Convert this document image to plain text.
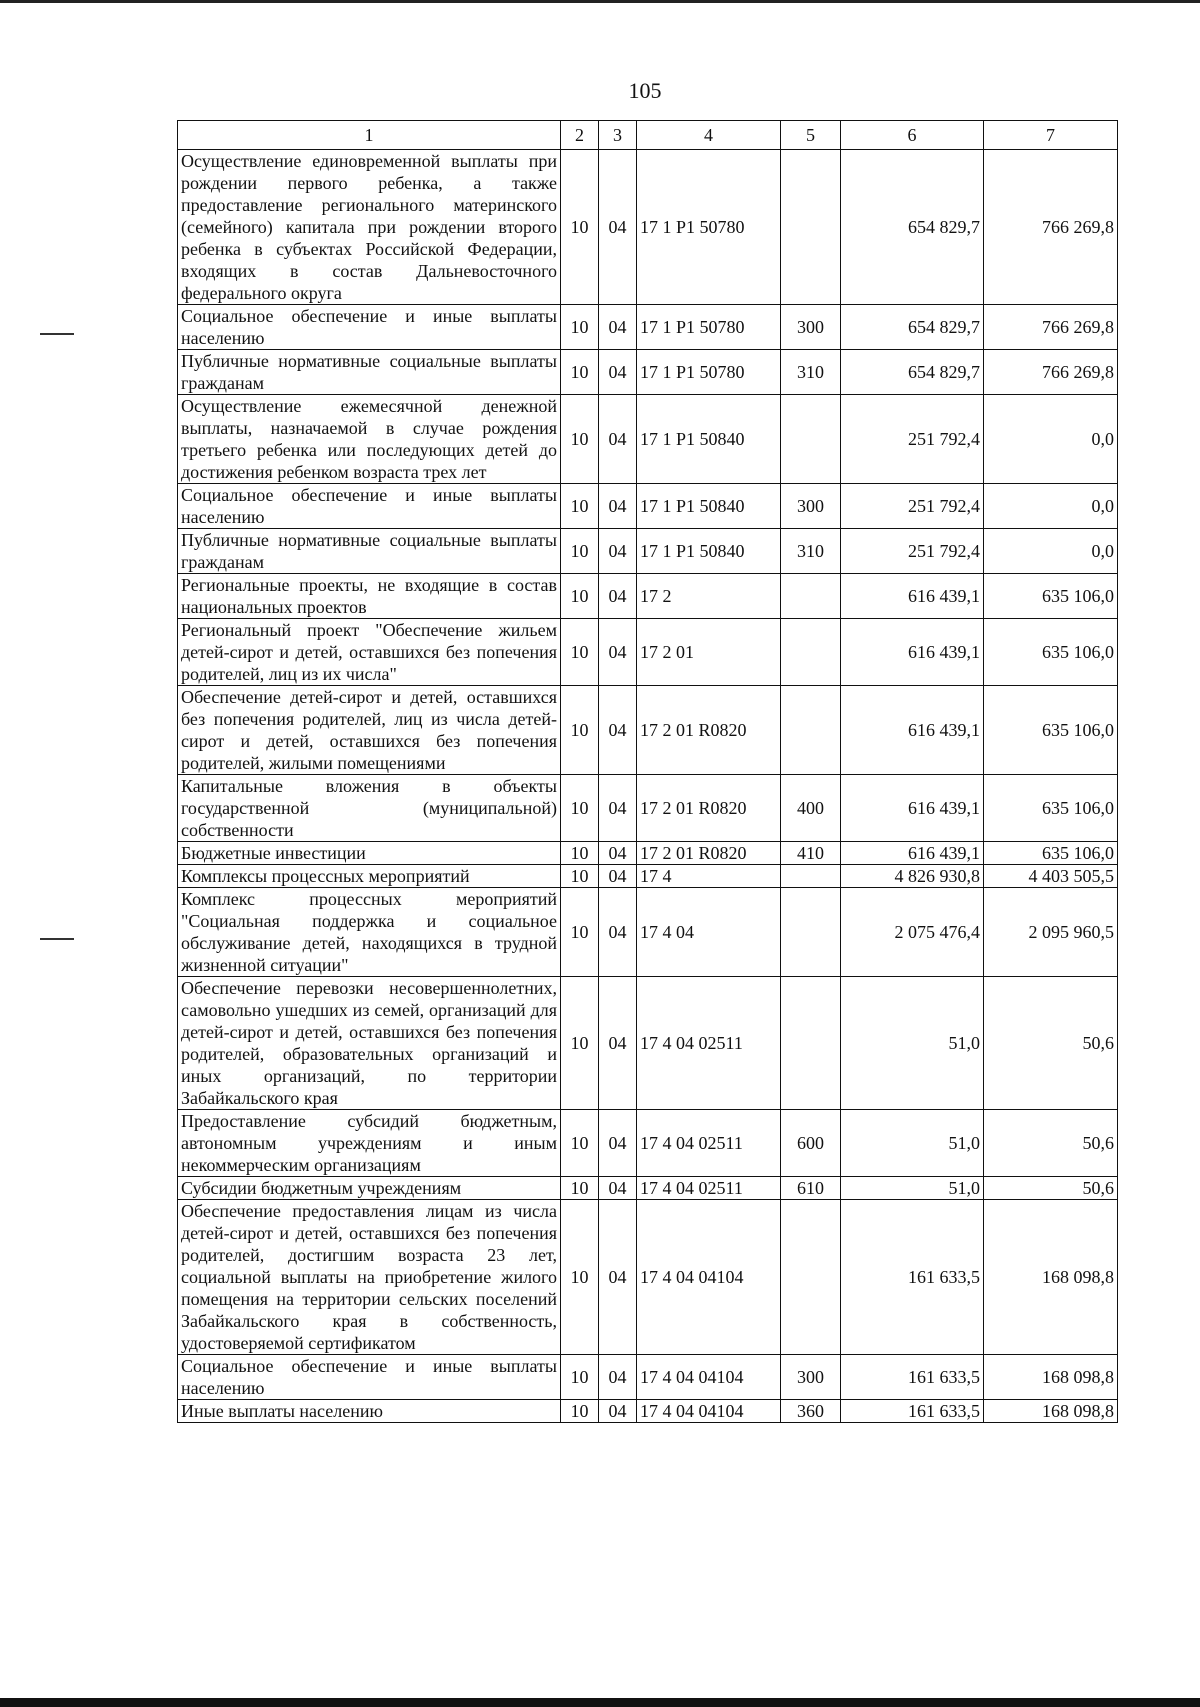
105
1	2	3	4	5	6	7
Осуществление единовременной выплаты при рождении первого ребенка, а также предоставление регионального материнского (семейного) капитала при рождении второго ребенка в субъектах Российской Федерации, входящих в состав Дальневосточного федерального округа	10	04	17 1 Р1 50780		654 829,7	766 269,8
Социальное обеспечение и иные выплаты населению	10	04	17 1 Р1 50780	300	654 829,7	766 269,8
Публичные нормативные социальные выплаты гражданам	10	04	17 1 Р1 50780	310	654 829,7	766 269,8
Осуществление ежемесячной денежной выплаты, назначаемой в случае рождения третьего ребенка или последующих детей до достижения ребенком возраста трех лет	10	04	17 1 Р1 50840		251 792,4	0,0
Социальное обеспечение и иные выплаты населению	10	04	17 1 Р1 50840	300	251 792,4	0,0
Публичные нормативные социальные выплаты гражданам	10	04	17 1 Р1 50840	310	251 792,4	0,0
Региональные проекты, не входящие в состав национальных проектов	10	04	17 2		616 439,1	635 106,0
Региональный проект "Обеспечение жильем детей-сирот и детей, оставшихся без попечения родителей, лиц из их числа"	10	04	17 2 01		616 439,1	635 106,0
Обеспечение детей-сирот и детей, оставшихся без попечения родителей, лиц из числа детей-сирот и детей, оставшихся без попечения родителей, жилыми помещениями	10	04	17 2 01 R0820		616 439,1	635 106,0
Капитальные вложения в объекты государственной (муниципальной) собственности	10	04	17 2 01 R0820	400	616 439,1	635 106,0
Бюджетные инвестиции	10	04	17 2 01 R0820	410	616 439,1	635 106,0
Комплексы процессных мероприятий	10	04	17 4		4 826 930,8	4 403 505,5
Комплекс процессных мероприятий "Социальная поддержка и социальное обслуживание детей, находящихся в трудной жизненной ситуации"	10	04	17 4 04		2 075 476,4	2 095 960,5
Обеспечение перевозки несовершеннолетних, самовольно ушедших из семей, организаций для детей-сирот и детей, оставшихся без попечения родителей, образовательных организаций и иных организаций, по территории Забайкальского края	10	04	17 4 04 02511		51,0	50,6
Предоставление субсидий бюджетным, автономным учреждениям и иным некоммерческим организациям	10	04	17 4 04 02511	600	51,0	50,6
Субсидии бюджетным учреждениям	10	04	17 4 04 02511	610	51,0	50,6
Обеспечение предоставления лицам из числа детей-сирот и детей, оставшихся без попечения родителей, достигшим возраста 23 лет, социальной выплаты на приобретение жилого помещения на территории сельских поселений Забайкальского края в собственность, удостоверяемой сертификатом	10	04	17 4 04 04104		161 633,5	168 098,8
Социальное обеспечение и иные выплаты населению	10	04	17 4 04 04104	300	161 633,5	168 098,8
Иные выплаты населению	10	04	17 4 04 04104	360	161 633,5	168 098,8
